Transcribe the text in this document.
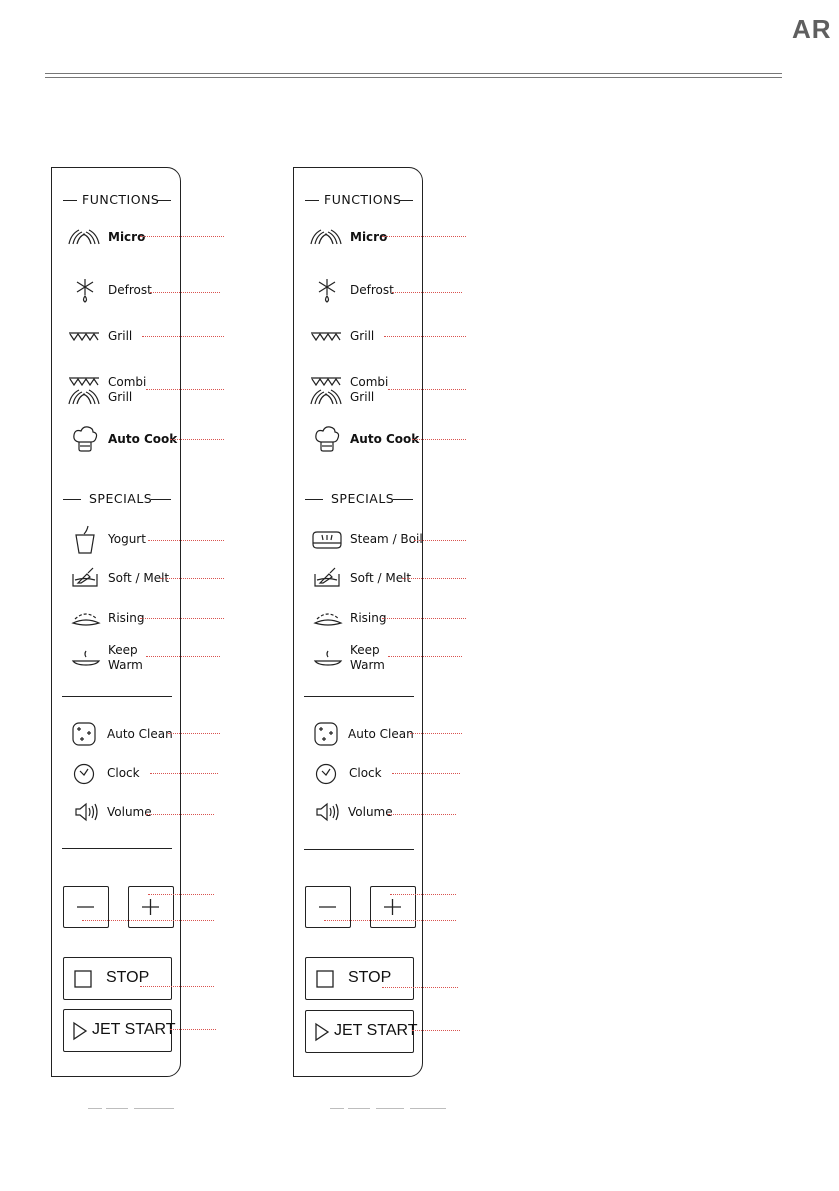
AR
FUNCTIONS
Micro
Defrost
Grill
Combi
Grill
Auto Cook
SPECIALS
Yogurt
Soft / Melt
Rising
Keep
Warm
Auto Clean
Clock
Volume
STOP
JET START
FUNCTIONS
Micro
Defrost
Grill
Combi
Grill
Auto Cook
SPECIALS
Steam / Boil
Soft / Melt
Rising
Keep
Warm
Auto Clean
Clock
Volume
STOP
JET START
